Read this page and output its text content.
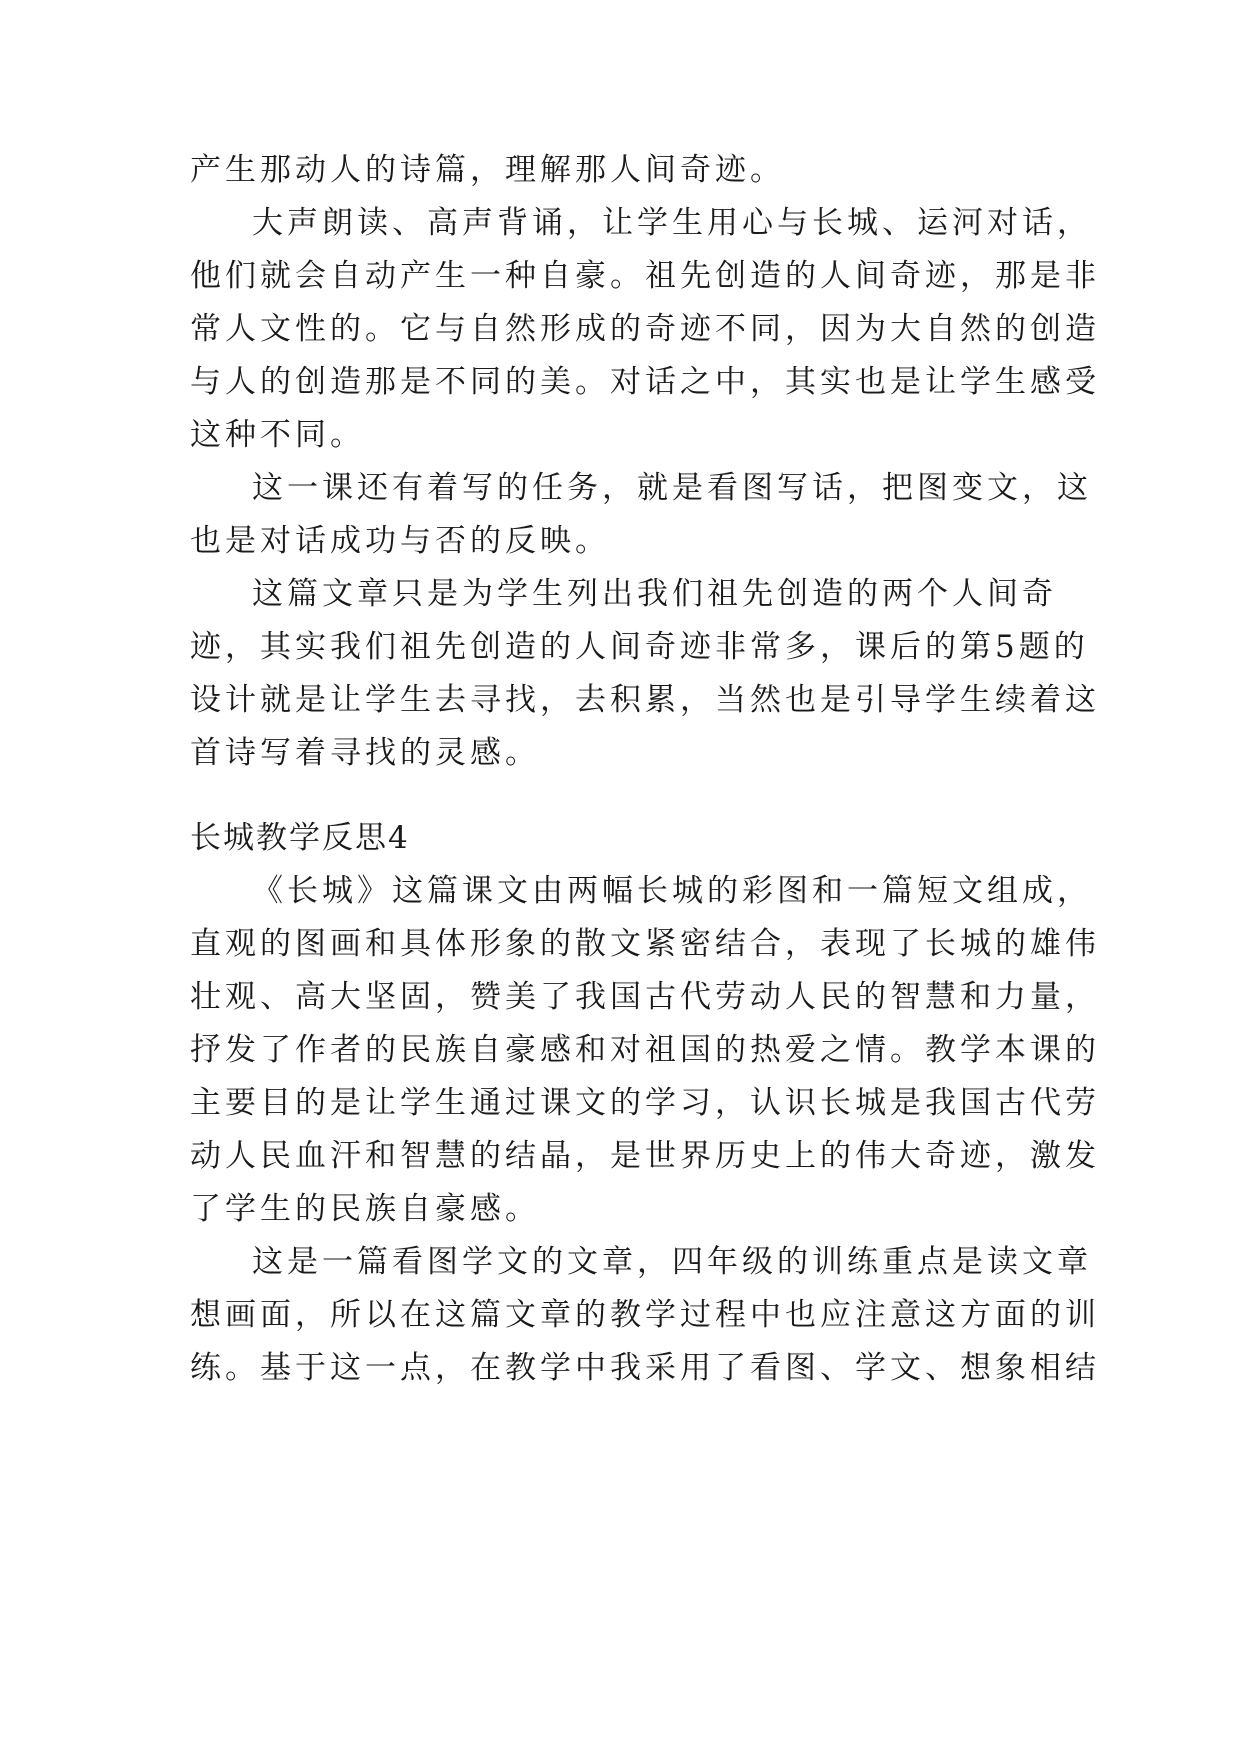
产生那动人的诗篇，理解那人间奇迹。
大声朗读、高声背诵，让学生用心与长城、运河对话，
他们就会自动产生一种自豪。祖先创造的人间奇迹，那是非
常人文性的。它与自然形成的奇迹不同，因为大自然的创造
与人的创造那是不同的美。对话之中，其实也是让学生感受
这种不同。
这一课还有着写的任务，就是看图写话，把图变文，这
也是对话成功与否的反映。
这篇文章只是为学生列出我们祖先创造的两个人间奇
迹，其实我们祖先创造的人间奇迹非常多，课后的第5题的
设计就是让学生去寻找，去积累，当然也是引导学生续着这
首诗写着寻找的灵感。
长城教学反思4
《长城》这篇课文由两幅长城的彩图和一篇短文组成，
直观的图画和具体形象的散文紧密结合，表现了长城的雄伟
壮观、高大坚固，赞美了我国古代劳动人民的智慧和力量，
抒发了作者的民族自豪感和对祖国的热爱之情。教学本课的
主要目的是让学生通过课文的学习，认识长城是我国古代劳
动人民血汗和智慧的结晶，是世界历史上的伟大奇迹，激发
了学生的民族自豪感。
这是一篇看图学文的文章，四年级的训练重点是读文章
想画面，所以在这篇文章的教学过程中也应注意这方面的训
练。基于这一点，在教学中我采用了看图、学文、想象相结
